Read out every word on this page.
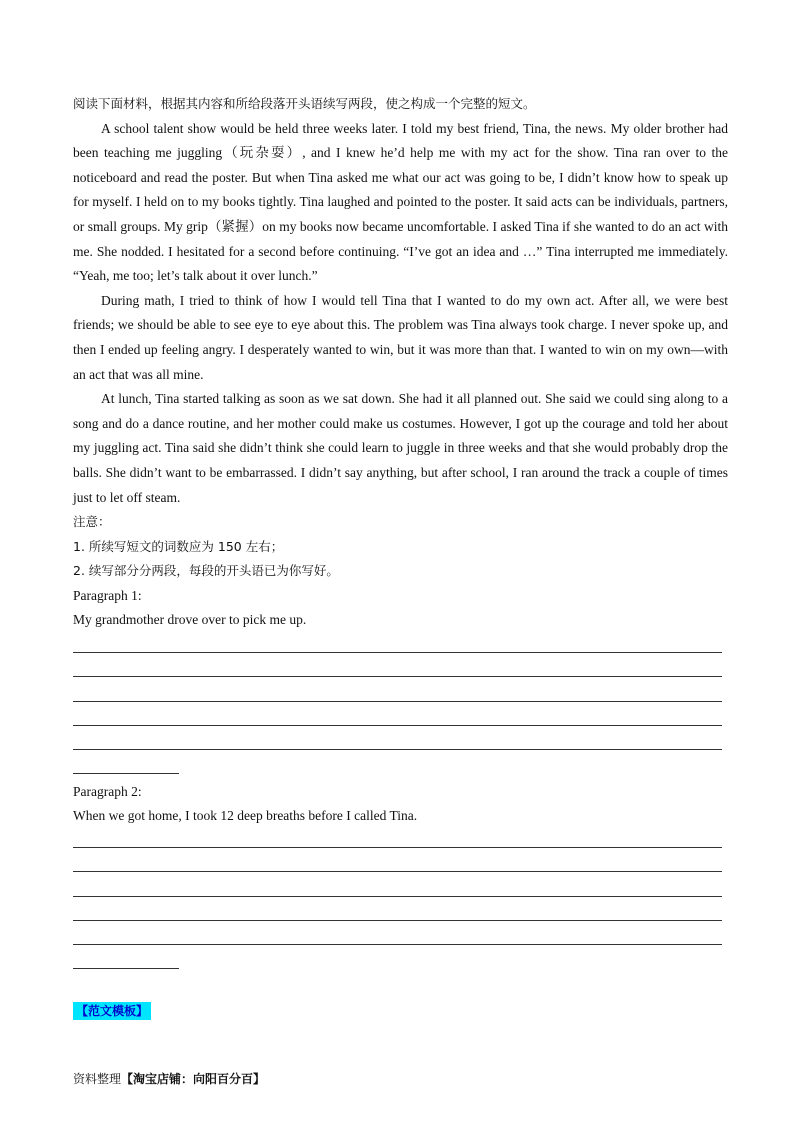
阅读下面材料，根据其内容和所给段落开头语续写两段，使之构成一个完整的短文。

A school talent show would be held three weeks later. I told my best friend, Tina, the news. My older brother had been teaching me juggling（玩杂耍）, and I knew he’d help me with my act for the show. Tina ran over to the noticeboard and read the poster. But when Tina asked me what our act was going to be, I didn’t know how to speak up for myself. I held on to my books tightly. Tina laughed and pointed to the poster. It said acts can be individuals, partners, or small groups. My grip（紧握）on my books now became uncomfortable. I asked Tina if she wanted to do an act with me. She nodded. I hesitated for a second before continuing. “I’ve got an idea and …” Tina interrupted me immediately. “Yeah, me too; let’s talk about it over lunch.”

During math, I tried to think of how I would tell Tina that I wanted to do my own act. After all, we were best friends; we should be able to see eye to eye about this. The problem was Tina always took charge. I never spoke up, and then I ended up feeling angry. I desperately wanted to win, but it was more than that. I wanted to win on my own—with an act that was all mine.

At lunch, Tina started talking as soon as we sat down. She had it all planned out. She said we could sing along to a song and do a dance routine, and her mother could make us costumes. However, I got up the courage and told her about my juggling act. Tina said she didn’t think she could learn to juggle in three weeks and that she would probably drop the balls. She didn’t want to be embarrassed. I didn’t say anything, but after school, I ran around the track a couple of times just to let off steam.

注意：

1. 所续写短文的词数应为 150 左右；

2. 续写部分分两段，每段的开头语已为你写好。

Paragraph 1:

My grandmother drove over to pick me up.

Paragraph 2:

When we got home, I took 12 deep breaths before I called Tina.

【范文模板】
资料整理【淘宝店铺：向阳百分百】
